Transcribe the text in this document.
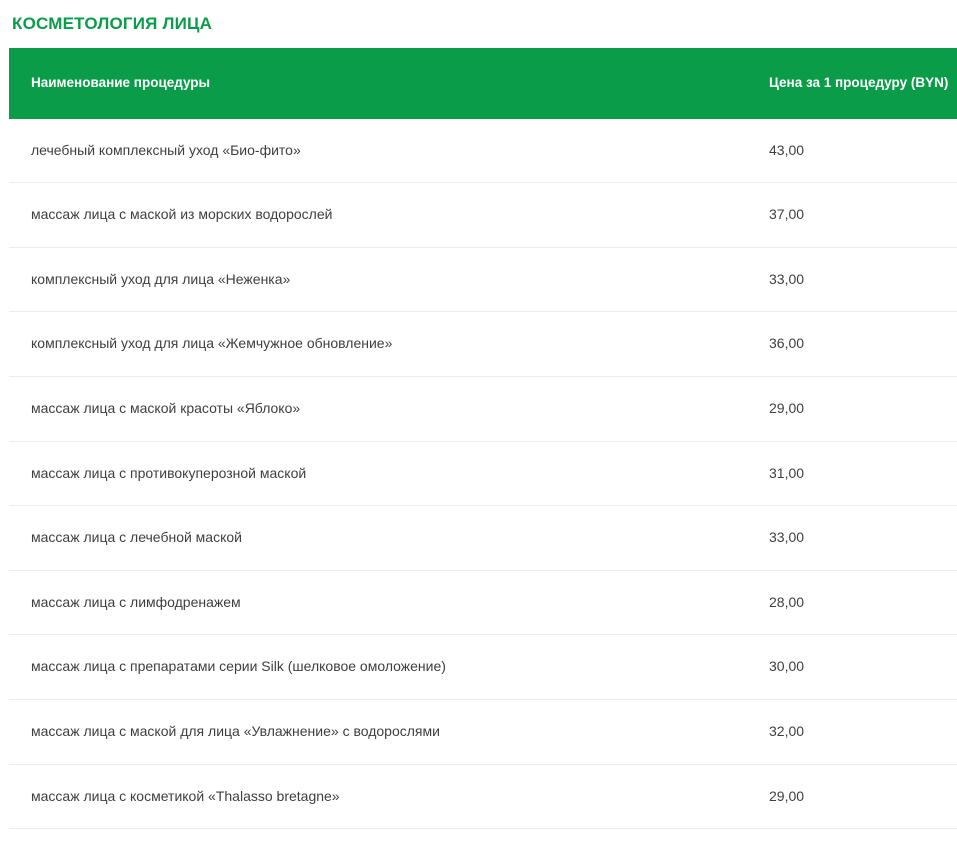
КОСМЕТОЛОГИЯ ЛИЦА
Наименование процедуры	Цена за 1 процедуру (BYN)
лечебный комплексный уход «Био-фито»	43,00
массаж лица с маской из морских водорослей	37,00
комплексный уход для лица «Неженка»	33,00
комплексный уход для лица «Жемчужное обновление»	36,00
массаж лица с маской красоты «Яблоко»	29,00
массаж лица с противокуперозной маской	31,00
массаж лица с лечебной маской	33,00
массаж лица с лимфодренажем	28,00
массаж лица с препаратами серии Silk (шелковое омоложение)	30,00
массаж лица с маской для лица «Увлажнение» с водорослями	32,00
массаж лица с косметикой «Thalasso bretagne»	29,00
